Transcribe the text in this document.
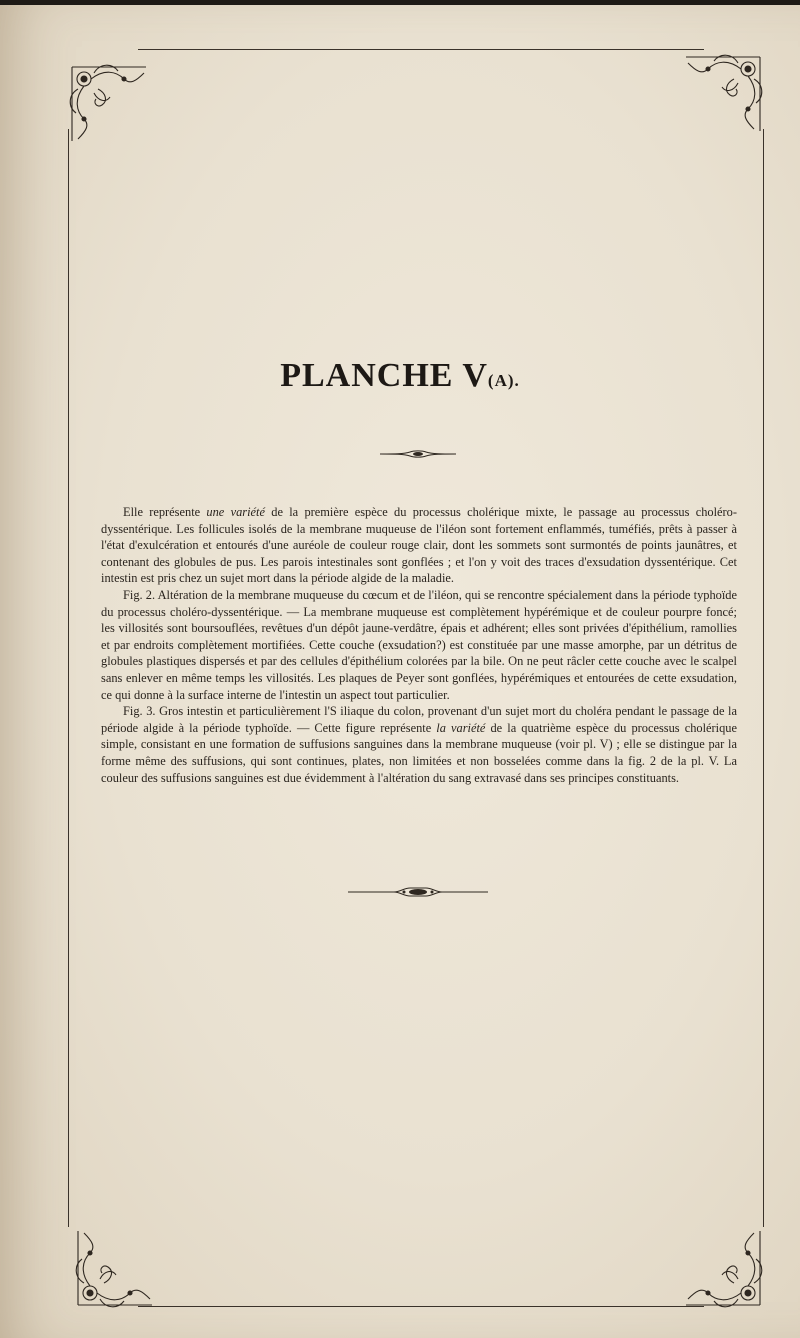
PLANCHE V(A).

Elle représente une variété de la première espèce du processus cholérique mixte, le passage au processus choléro-dyssentérique. Les follicules isolés de la membrane muqueuse de l'iléon sont fortement enflammés, tuméfiés, prêts à passer à l'état d'exulcération et entourés d'une auréole de couleur rouge clair, dont les sommets sont surmontés de points jaunâtres, et contenant des globules de pus. Les parois intestinales sont gonflées ; et l'on y voit des traces d'exsudation dyssentérique. Cet intestin est pris chez un sujet mort dans la période algide de la maladie.

Fig. 2. Altération de la membrane muqueuse du cœcum et de l'iléon, qui se rencontre spécialement dans la période typhoïde du processus choléro-dyssentérique. — La membrane muqueuse est complètement hypérémique et de couleur pourpre foncé; les villosités sont boursouflées, revêtues d'un dépôt jaune-verdâtre, épais et adhérent; elles sont privées d'épithélium, ramollies et par endroits complètement mortifiées. Cette couche (exsudation?) est constituée par une masse amorphe, par un détritus de globules plastiques dispersés et par des cellules d'épithélium colorées par la bile. On ne peut râcler cette couche avec le scalpel sans enlever en même temps les villosités. Les plaques de Peyer sont gonflées, hypérémiques et entourées de cette exsudation, ce qui donne à la surface interne de l'intestin un aspect tout particulier.

Fig. 3. Gros intestin et particulièrement l'S iliaque du colon, provenant d'un sujet mort du choléra pendant le passage de la période algide à la période typhoïde. — Cette figure représente la variété de la quatrième espèce du processus cholérique simple, consistant en une formation de suffusions sanguines dans la membrane muqueuse (voir pl. V) ; elle se distingue par la forme même des suffusions, qui sont continues, plates, non limitées et non bosselées comme dans la fig. 2 de la pl. V. La couleur des suffusions sanguines est due évidemment à l'altération du sang extravasé dans ses principes constituants.
